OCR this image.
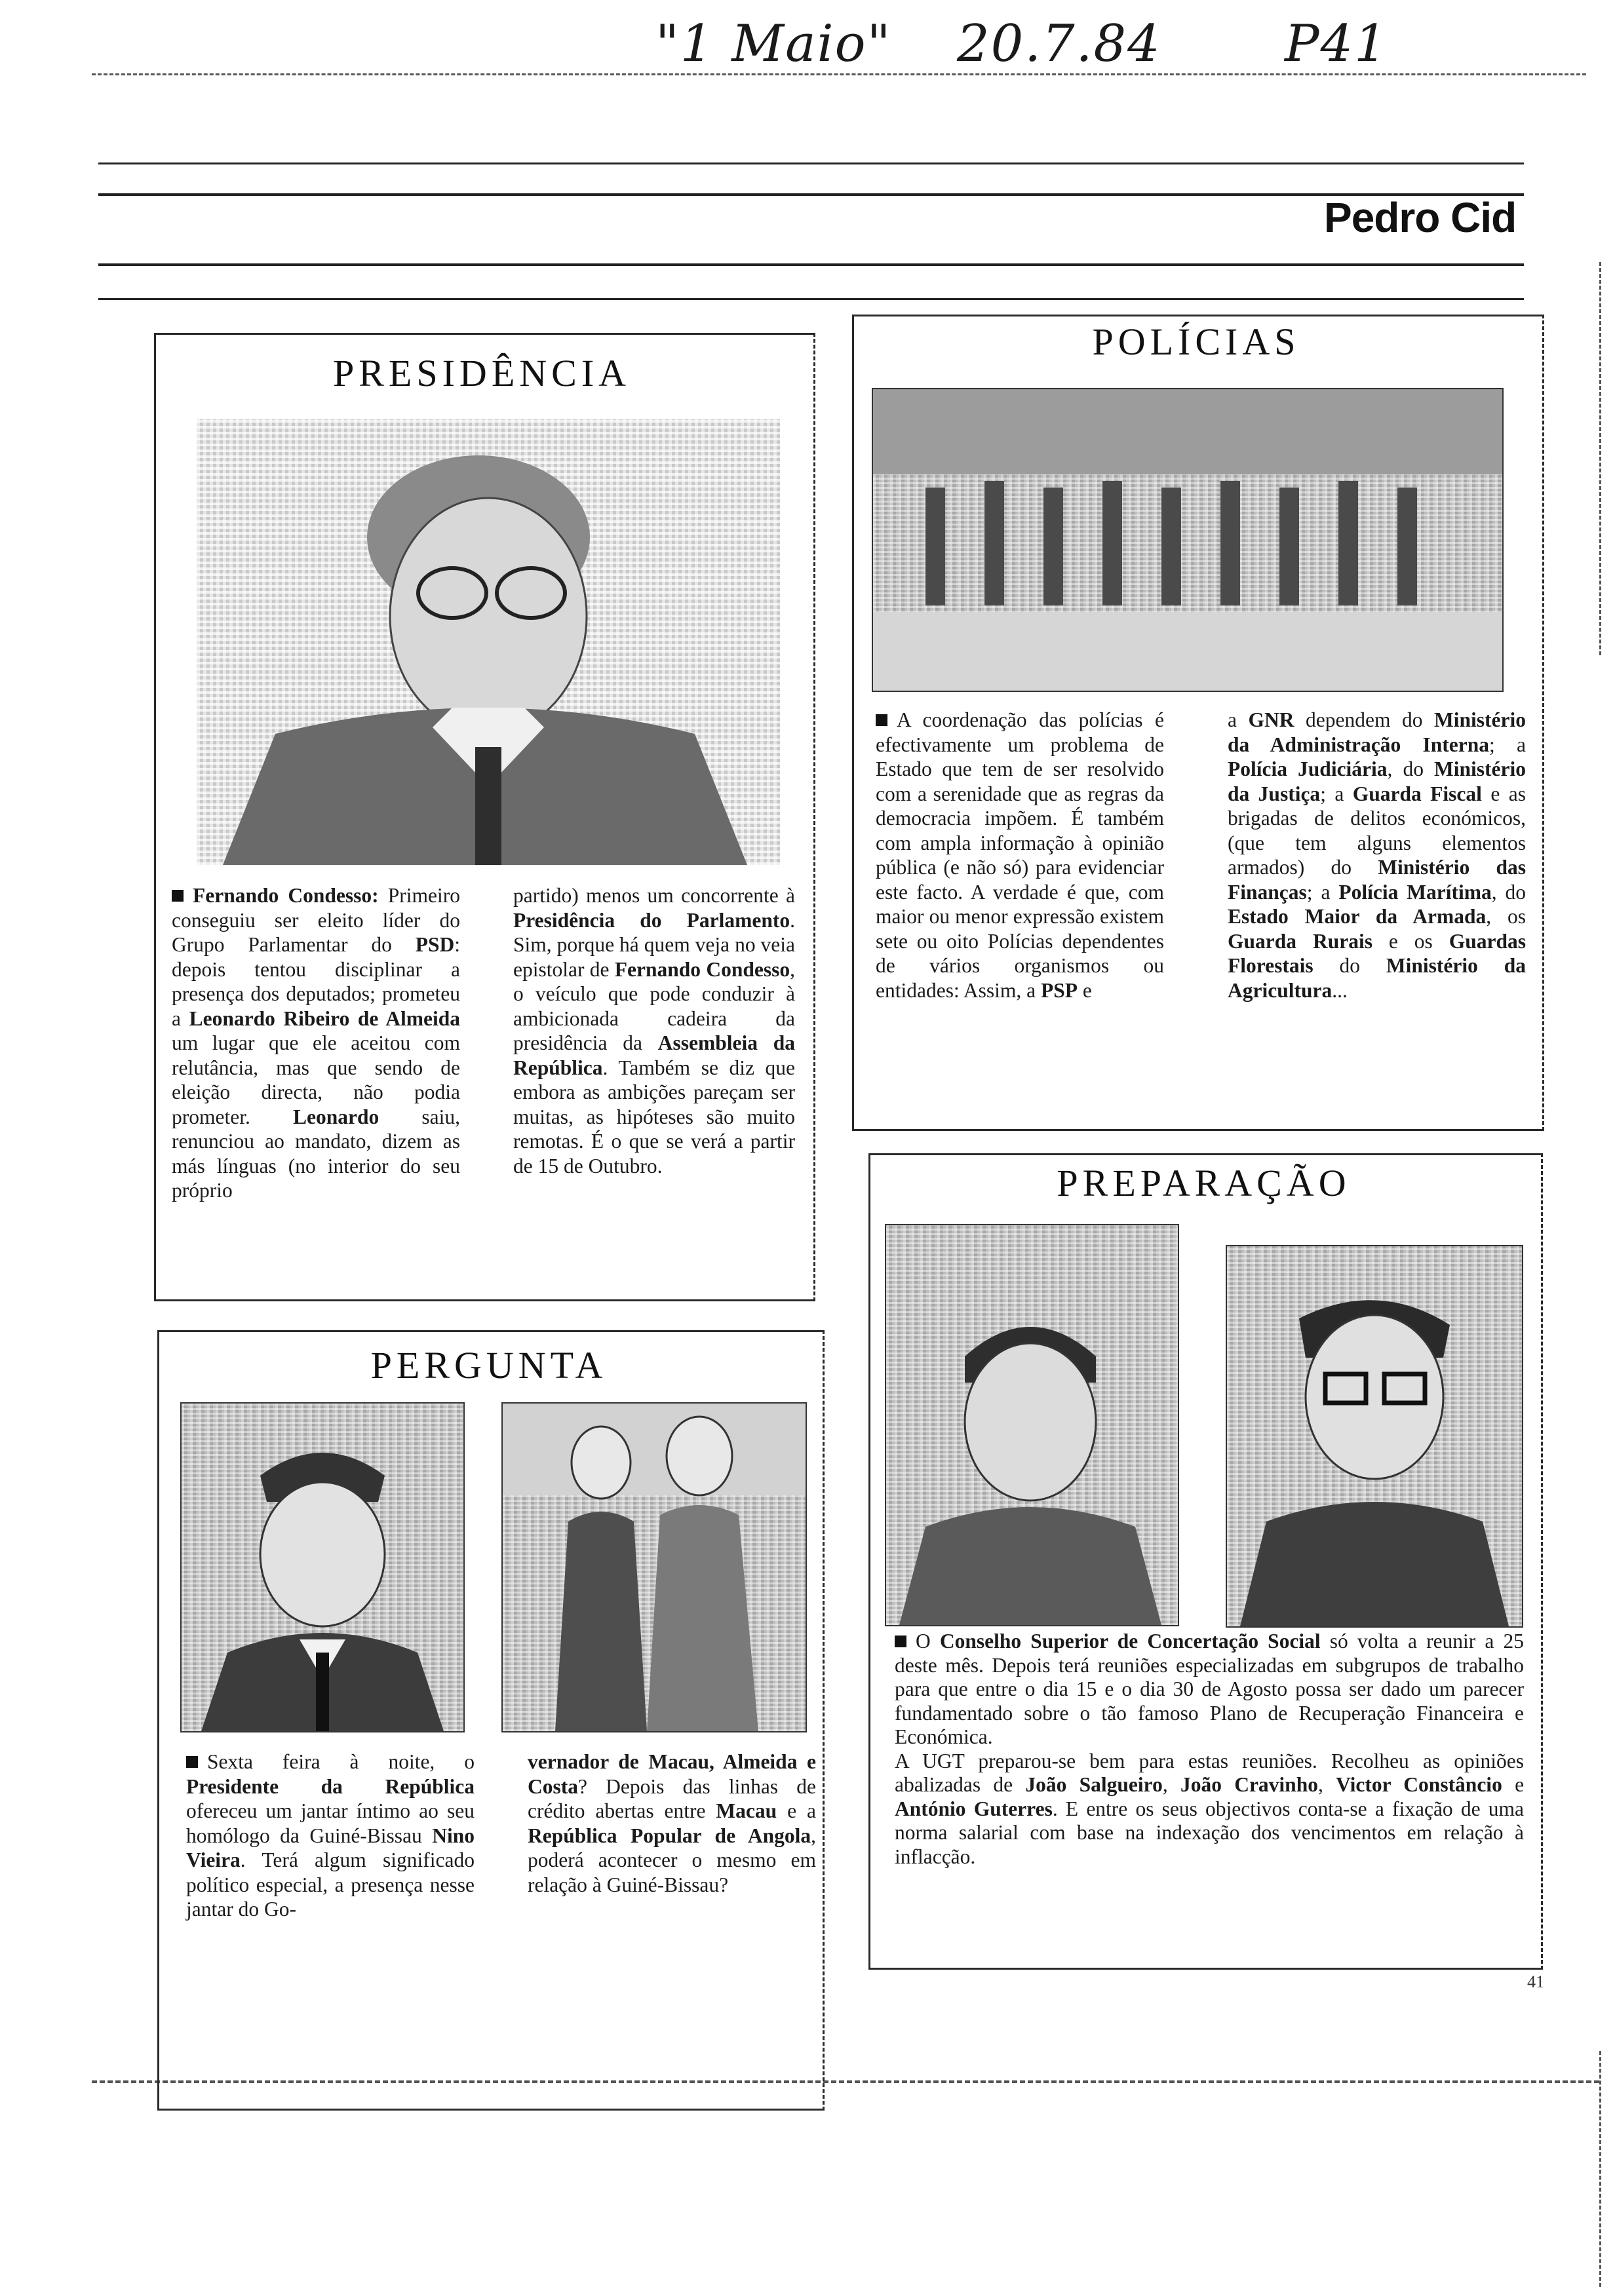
"1 Maio" 20.7.84 P41
Pedro Cid
PRESIDÊNCIA

Fernando Condesso: Primeiro conseguiu ser eleito líder do Grupo Parlamentar do PSD: depois tentou disciplinar a presença dos deputados; prometeu a Leonardo Ribeiro de Almeida um lugar que ele aceitou com relutância, mas que sendo de eleição directa, não podia prometer. Leonardo saiu, renunciou ao mandato, dizem as más línguas (no interior do seu próprio

partido) menos um concorrente à Presidência do Parlamento. Sim, porque há quem veja no veia epistolar de Fernando Condesso, o veículo que pode conduzir à ambicionada cadeira da presidência da Assembleia da República. Também se diz que embora as ambições pareçam ser muitas, as hipóteses são muito remotas. É o que se verá a partir de 15 de Outubro.

POLÍCIAS

A coordenação das polícias é efectivamente um problema de Estado que tem de ser resolvido com a serenidade que as regras da democracia impõem. É também com ampla informação à opinião pública (e não só) para evidenciar este facto. A verdade é que, com maior ou menor expressão existem sete ou oito Polícias dependentes de vários organismos ou entidades: Assim, a PSP e

a GNR dependem do Ministério da Administração Interna; a Polícia Judiciária, do Ministério da Justiça; a Guarda Fiscal e as brigadas de delitos económicos, (que tem alguns elementos armados) do Ministério das Finanças; a Polícia Marítima, do Estado Maior da Armada, os Guarda Rurais e os Guardas Florestais do Ministério da Agricultura...

PERGUNTA

Sexta feira à noite, o Presidente da República ofereceu um jantar íntimo ao seu homólogo da Guiné-Bissau Nino Vieira. Terá algum significado político especial, a presença nesse jantar do Go-

vernador de Macau, Almeida e Costa? Depois das linhas de crédito abertas entre Macau e a República Popular de Angola, poderá acontecer o mesmo em relação à Guiné-Bissau?

PREPARAÇÃO

O Conselho Superior de Concertação Social só volta a reunir a 25 deste mês. Depois terá reuniões especializadas em subgrupos de trabalho para que entre o dia 15 e o dia 30 de Agosto possa ser dado um parecer fundamentado sobre o tão famoso Plano de Recuperação Financeira e Económica.

A UGT preparou-se bem para estas reuniões. Recolheu as opiniões abalizadas de João Salgueiro, João Cravinho, Victor Constâncio e António Guterres. E entre os seus objectivos conta-se a fixação de uma norma salarial com base na indexação dos vencimentos em relação à inflacção.

41
